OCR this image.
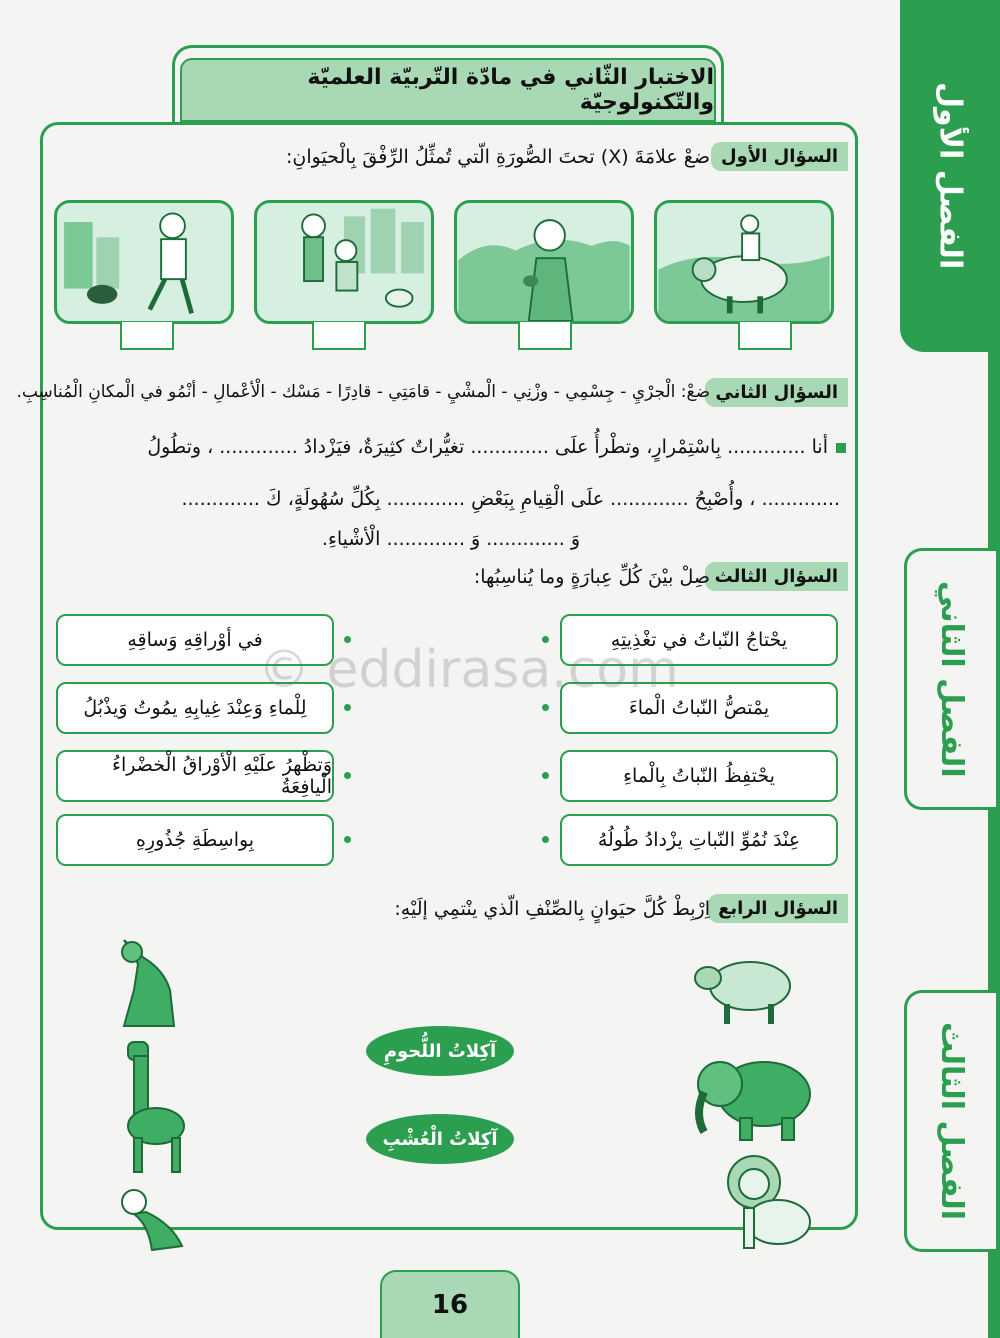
الفصل الأول
الفصل الثاني
الفصل الثالث
الاختبار الثّاني في مادّة التّربيّة العلميّة والتّكنولوجيّة
السؤال الأول
ضعْ علامَةَ (X) تحتَ الصُّورَةِ الّتي تُمثِّلُ الرِّفْقَ بِالْحيَوانِ:
السؤال الثاني
ضعْ: الْجرْيِ - جِسْمِي - وزْنِي - الْمشْيِ - قامَتِي - قادِرًا - مَسْك - الْأعْمالِ - أنْمُو في الْمكانِ الْمُناسِبِ.
أنا ............. بِاسْتِمْرارٍ، وتطْرأُ علَى ............. تغيُّراتٌ كثِيرَةٌ، فيَزْدادُ ............. ، وتطُولُ
............. ، وأُصْبِحُ ............. علَى الْقِيامِ بِبَعْضِ ............. بِكُلِّ سُهُولَةٍ، كَ .............
وَ ............. وَ ............. الْأشْياءِ.
السؤال الثالث
صِلْ بيْنَ كُلِّ عِبارَةٍ وما يُناسِبُها:
يحْتاجُ النّباتُ في تغْذِيتِهِ
يمْتصُّ النّباتُ الْماءَ
يحْتفِظُ النّباتُ بِالْماءِ
عِنْدَ نُمُوِّ النّباتِ يزْدادُ طُولُهُ
في أوْراقِهِ وَساقِهِ
لِلْماءِ وَعِنْدَ غِيابِهِ يمُوتُ وَيذْبُلُ
وَتظْهرُ علَيْهِ الْأوْراقُ الْخضْراءُ الْيافِعَةُ
بِواسِطَةِ جُذُورِهِ
© eddirasa.com
السؤال الرابع
اِرْبِطْ كُلَّ حيَوانٍ بِالصِّنْفِ الّذي ينْتمِي إلَيْهِ:
آكِلاتُ اللُّحومِ
آكِلاتُ الْعُشْبِ
16
